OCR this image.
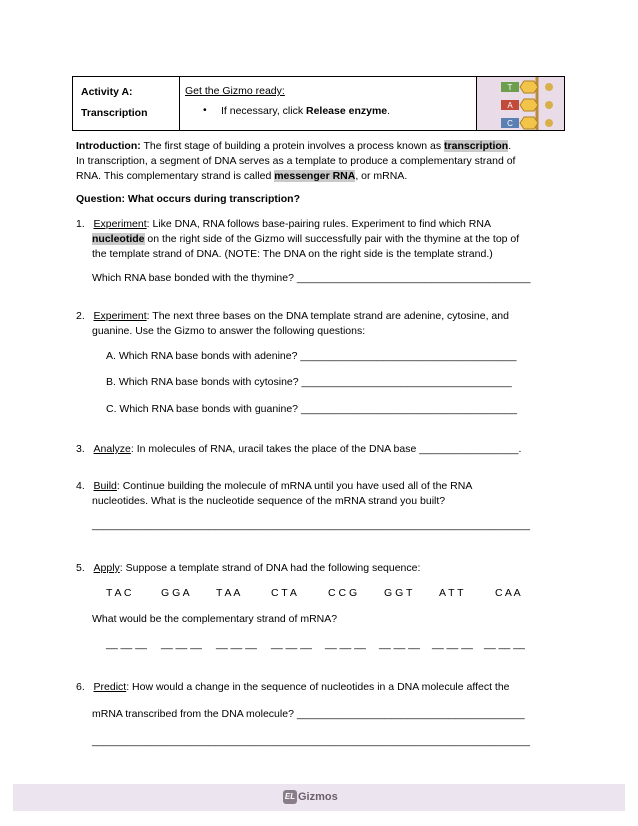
Activity A:
Transcription
Get the Gizmo ready:
• If necessary, click Release enzyme.
T
A
C
Introduction: The first stage of building a protein involves a process known as transcription.
In transcription, a segment of DNA serves as a template to produce a complementary strand of
RNA. This complementary strand is called messenger RNA, or mRNA.
Question: What occurs during transcription?
1. Experiment: Like DNA, RNA follows base-pairing rules. Experiment to find which RNA
nucleotide on the right side of the Gizmo will successfully pair with the thymine at the top of
the template strand of DNA. (NOTE: The DNA on the right side is the template strand.)
Which RNA base bonded with the thymine? ________________________________________
2. Experiment: The next three bases on the DNA template strand are adenine, cytosine, and
guanine. Use the Gizmo to answer the following questions:
A. Which RNA base bonds with adenine? _____________________________________
B. Which RNA base bonds with cytosine? ____________________________________
C. Which RNA base bonds with guanine? _____________________________________
3. Analyze: In molecules of RNA, uracil takes the place of the DNA base _________________.
4. Build: Continue building the molecule of mRNA until you have used all of the RNA
nucleotides. What is the nucleotide sequence of the mRNA strand you built?
___________________________________________________________________________
5. Apply: Suppose a template strand of DNA had the following sequence:
T A C	G G A	T A A	C T A	C C G	G G T	A T T	C A A
What would be the complementary strand of mRNA?
__ __ __ __ __ __ __ __ __ __ __ __ __ __ __ __ __ __ __ __ __ __ __ __
6. Predict: How would a change in the sequence of nucleotides in a DNA molecule affect the
mRNA transcribed from the DNA molecule? _______________________________________
___________________________________________________________________________
EL Gizmos
